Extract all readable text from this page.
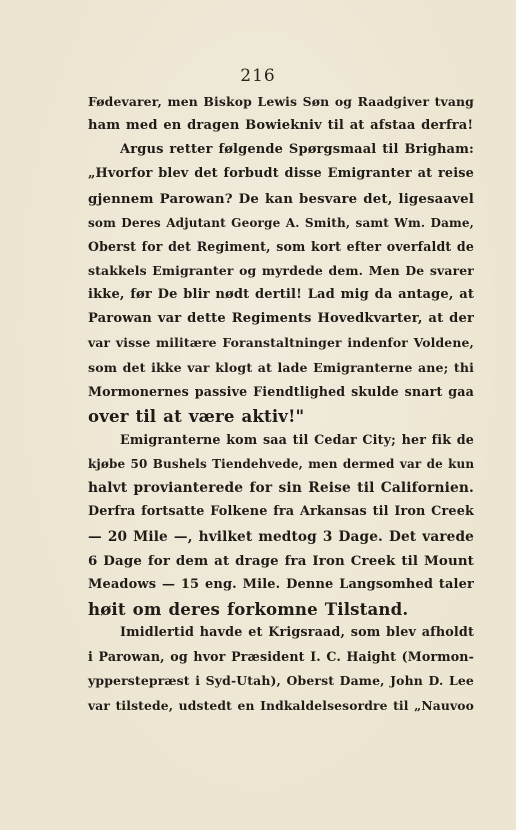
216
Fødevarer, men Biskop Lewis Søn og Raadgiver tvang
ham med en dragen Bowiekniv til at afstaa derfra!
Argus retter følgende Spørgsmaal til Brigham:
„Hvorfor blev det forbudt disse Emigranter at reise
gjennem Parowan? De kan besvare det, ligesaavel
som Deres Adjutant George A. Smith, samt Wm. Dame,
Oberst for det Regiment, som kort efter overfaldt de
stakkels Emigranter og myrdede dem. Men De svarer
ikke, før De blir nødt dertil! Lad mig da antage, at
Parowan var dette Regiments Hovedkvarter, at der
var visse militære Foranstaltninger indenfor Voldene,
som det ikke var klogt at lade Emigranterne ane; thi
Mormonernes passive Fiendtlighed skulde snart gaa
over til at være aktiv!"
Emigranterne kom saa til Cedar City; her fik de
kjøbe 50 Bushels Tiendehvede, men dermed var de kun
halvt provianterede for sin Reise til Californien.
Derfra fortsatte Folkene fra Arkansas til Iron Creek
— 20 Mile —, hvilket medtog 3 Dage. Det varede
6 Dage for dem at drage fra Iron Creek til Mount
Meadows — 15 eng. Mile. Denne Langsomhed taler
høit om deres forkomne Tilstand.
Imidlertid havde et Krigsraad, som blev afholdt
i Parowan, og hvor Præsident I. C. Haight (Mormon-
ypperstepræst i Syd-Utah), Oberst Dame, John D. Lee
var tilstede, udstedt en Indkaldelsesordre til „Nauvoo
